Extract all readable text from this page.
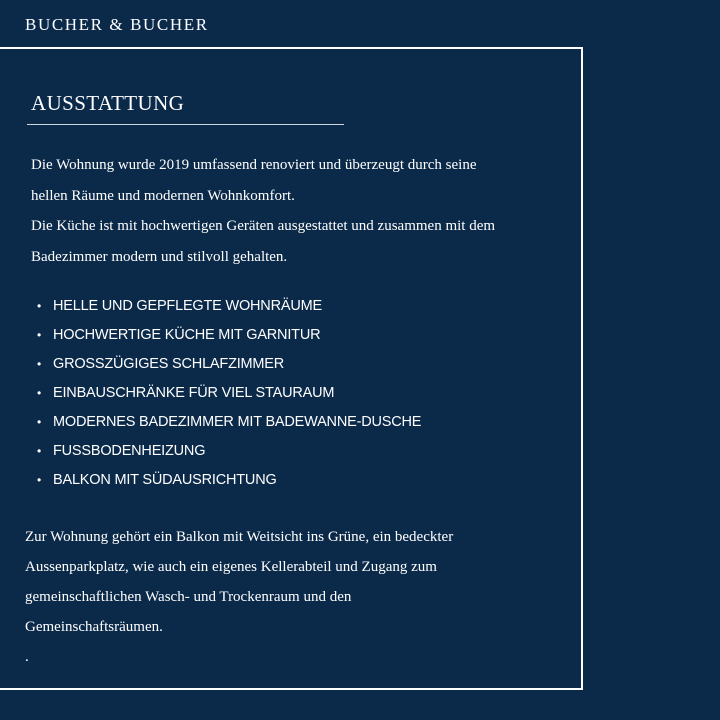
BUCHER & BUCHER
AUSSTATTUNG

Die Wohnung wurde 2019 umfassend renoviert und überzeugt durch seine

hellen Räume und modernen Wohnkomfort.

Die Küche ist mit hochwertigen Geräten ausgestattet und zusammen mit dem

Badezimmer modern und stilvoll gehalten.

• HELLE UND GEPFLEGTE WOHNRÄUME
• HOCHWERTIGE KÜCHE MIT GARNITUR
• GROSSZÜGIGES SCHLAFZIMMER
• EINBAUSCHRÄNKE FÜR VIEL STAURAUM
• MODERNES BADEZIMMER MIT BADEWANNE-DUSCHE
• FUSSBODENHEIZUNG
• BALKON MIT SÜDAUSRICHTUNG

Zur Wohnung gehört ein Balkon mit Weitsicht ins Grüne, ein bedeckter

Aussenparkplatz, wie auch ein eigenes Kellerabteil und Zugang zum

gemeinschaftlichen Wasch- und Trockenraum und den

Gemeinschaftsräumen.

.
